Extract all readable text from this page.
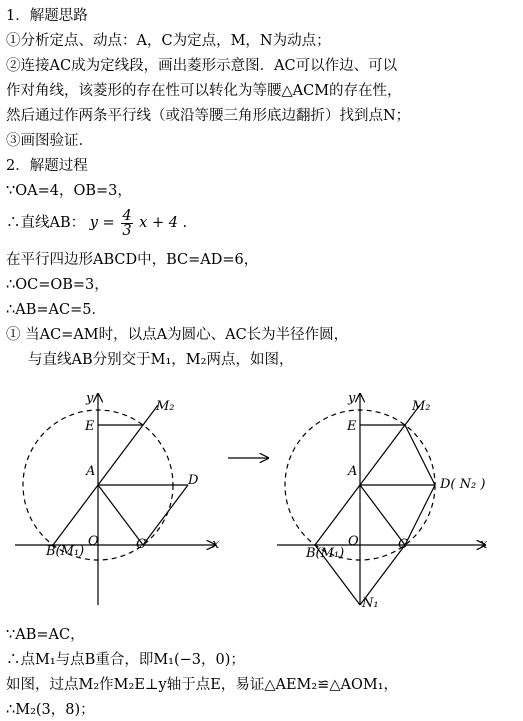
1．解题思路
①分析定点、动点：A，C为定点，M，N为动点；
②连接AC成为定线段，画出菱形示意图．AC可以作边、可以
作对角线，该菱形的存在性可以转化为等腰△ACM的存在性，
然后通过作两条平行线（或沿等腰三角形底边翻折）找到点N；
③画图验证．
2．解题过程
∵OA=4，OB=3，
∴直线AB： $y = \frac{4}{3}$ x + 4 .
在平行四边形ABCD中，BC=AD=6，
∴OC=OB=3，
∴AB=AC=5．
① 当AC=AM时，以点A为圆心、AC长为半径作圆，
与直线AB分别交于M₁，M₂两点，如图，
∵AB=AC，
∴点M₁与点B重合，即M₁(−3，0)；
如图，过点M₂作M₂E⊥y轴于点E，易证△AEM₂≌△AOM₁，
∴M₂(3，8)；
y
M₂
E
A
D
O	C
B(M₁)	x
y
M₂
E
A
D( N₂ )
O	C
B(M₁)
x
N₁
